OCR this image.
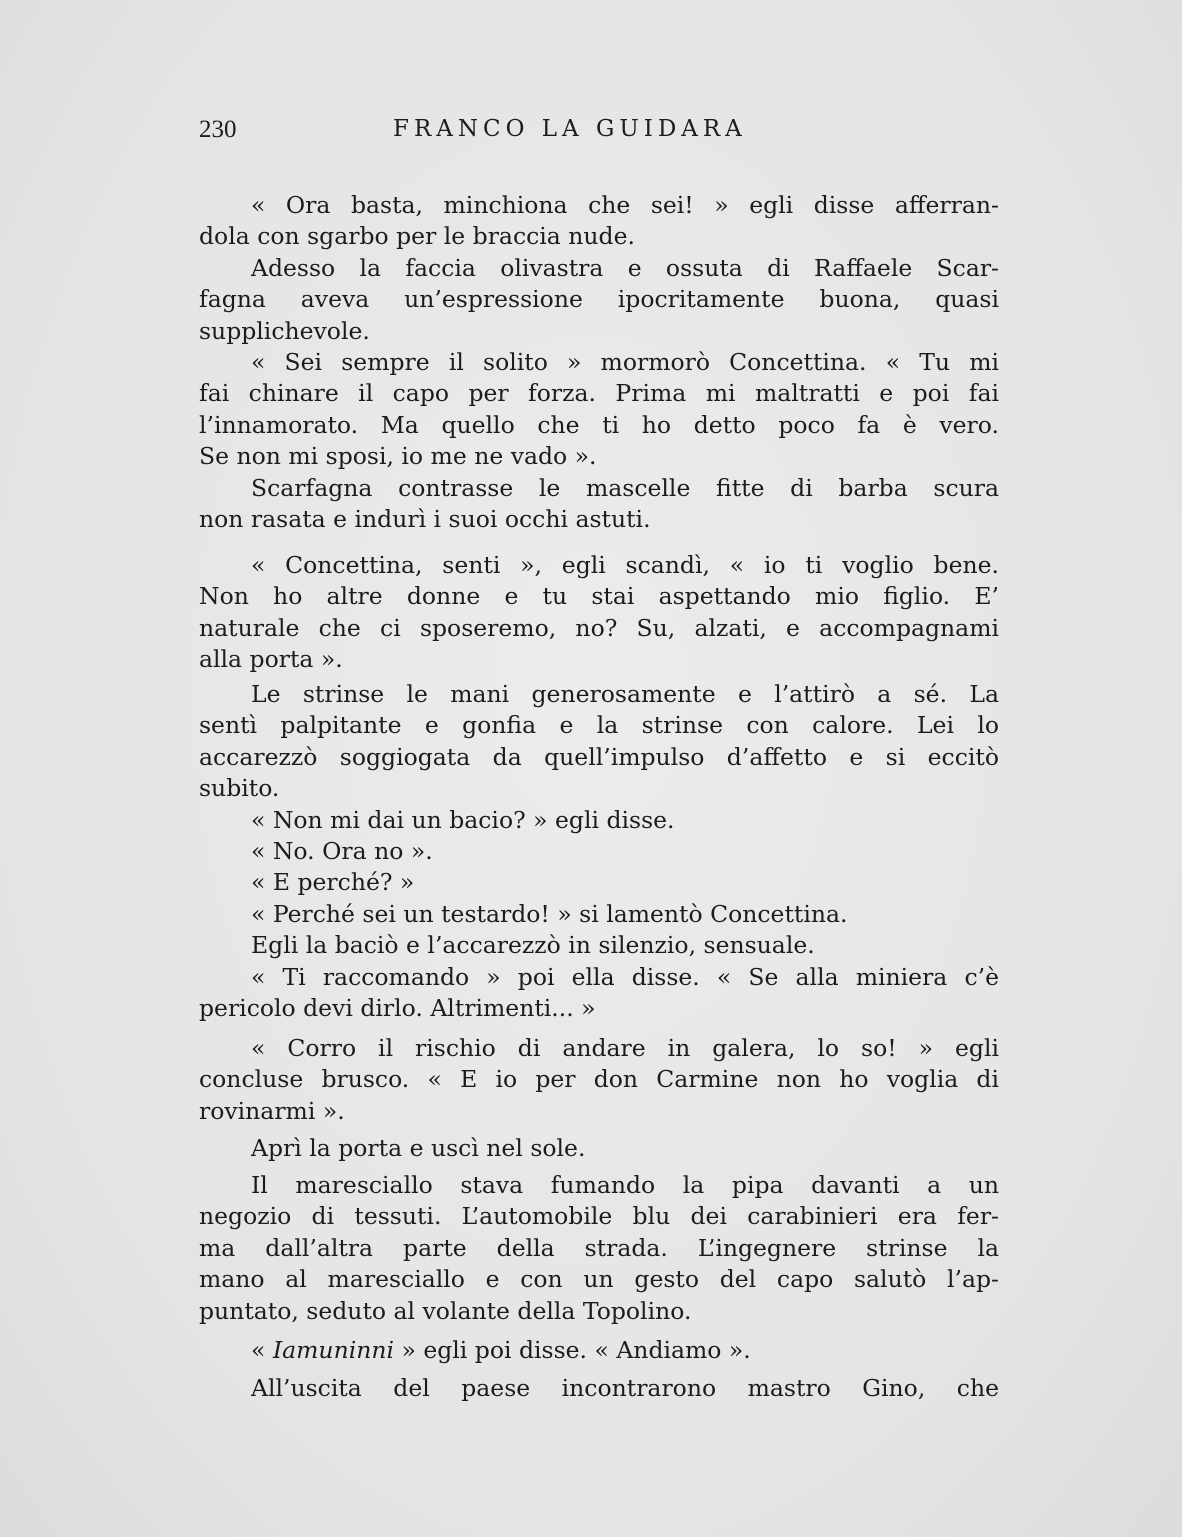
230	FRANCO LA GUIDARA
« Ora basta, minchiona che sei! » egli disse afferran-
dola con sgarbo per le braccia nude.
Adesso la faccia olivastra e ossuta di Raffaele Scar-
fagna aveva un’espressione ipocritamente buona, quasi
supplichevole.
« Sei sempre il solito » mormorò Concettina. « Tu mi
fai chinare il capo per forza. Prima mi maltratti e poi fai
l’innamorato. Ma quello che ti ho detto poco fa è vero.
Se non mi sposi, io me ne vado ».
Scarfagna contrasse le mascelle fitte di barba scura
non rasata e indurì i suoi occhi astuti.
« Concettina, senti », egli scandì, « io ti voglio bene.
Non ho altre donne e tu stai aspettando mio figlio. E’
naturale che ci sposeremo, no? Su, alzati, e accompagnami
alla porta ».
Le strinse le mani generosamente e l’attirò a sé. La
sentì palpitante e gonfia e la strinse con calore. Lei lo
accarezzò soggiogata da quell’impulso d’affetto e si eccitò
subito.
« Non mi dai un bacio? » egli disse.
« No. Ora no ».
« E perché? »
« Perché sei un testardo! » si lamentò Concettina.
Egli la baciò e l’accarezzò in silenzio, sensuale.
« Ti raccomando » poi ella disse. « Se alla miniera c’è
pericolo devi dirlo. Altrimenti... »
« Corro il rischio di andare in galera, lo so! » egli
concluse brusco. « E io per don Carmine non ho voglia di
rovinarmi ».
Aprì la porta e uscì nel sole.
Il maresciallo stava fumando la pipa davanti a un
negozio di tessuti. L’automobile blu dei carabinieri era fer-
ma dall’altra parte della strada. L’ingegnere strinse la
mano al maresciallo e con un gesto del capo salutò l’ap-
puntato, seduto al volante della Topolino.
« Iamuninni » egli poi disse. « Andiamo ».
All’uscita del paese incontrarono mastro Gino, che
